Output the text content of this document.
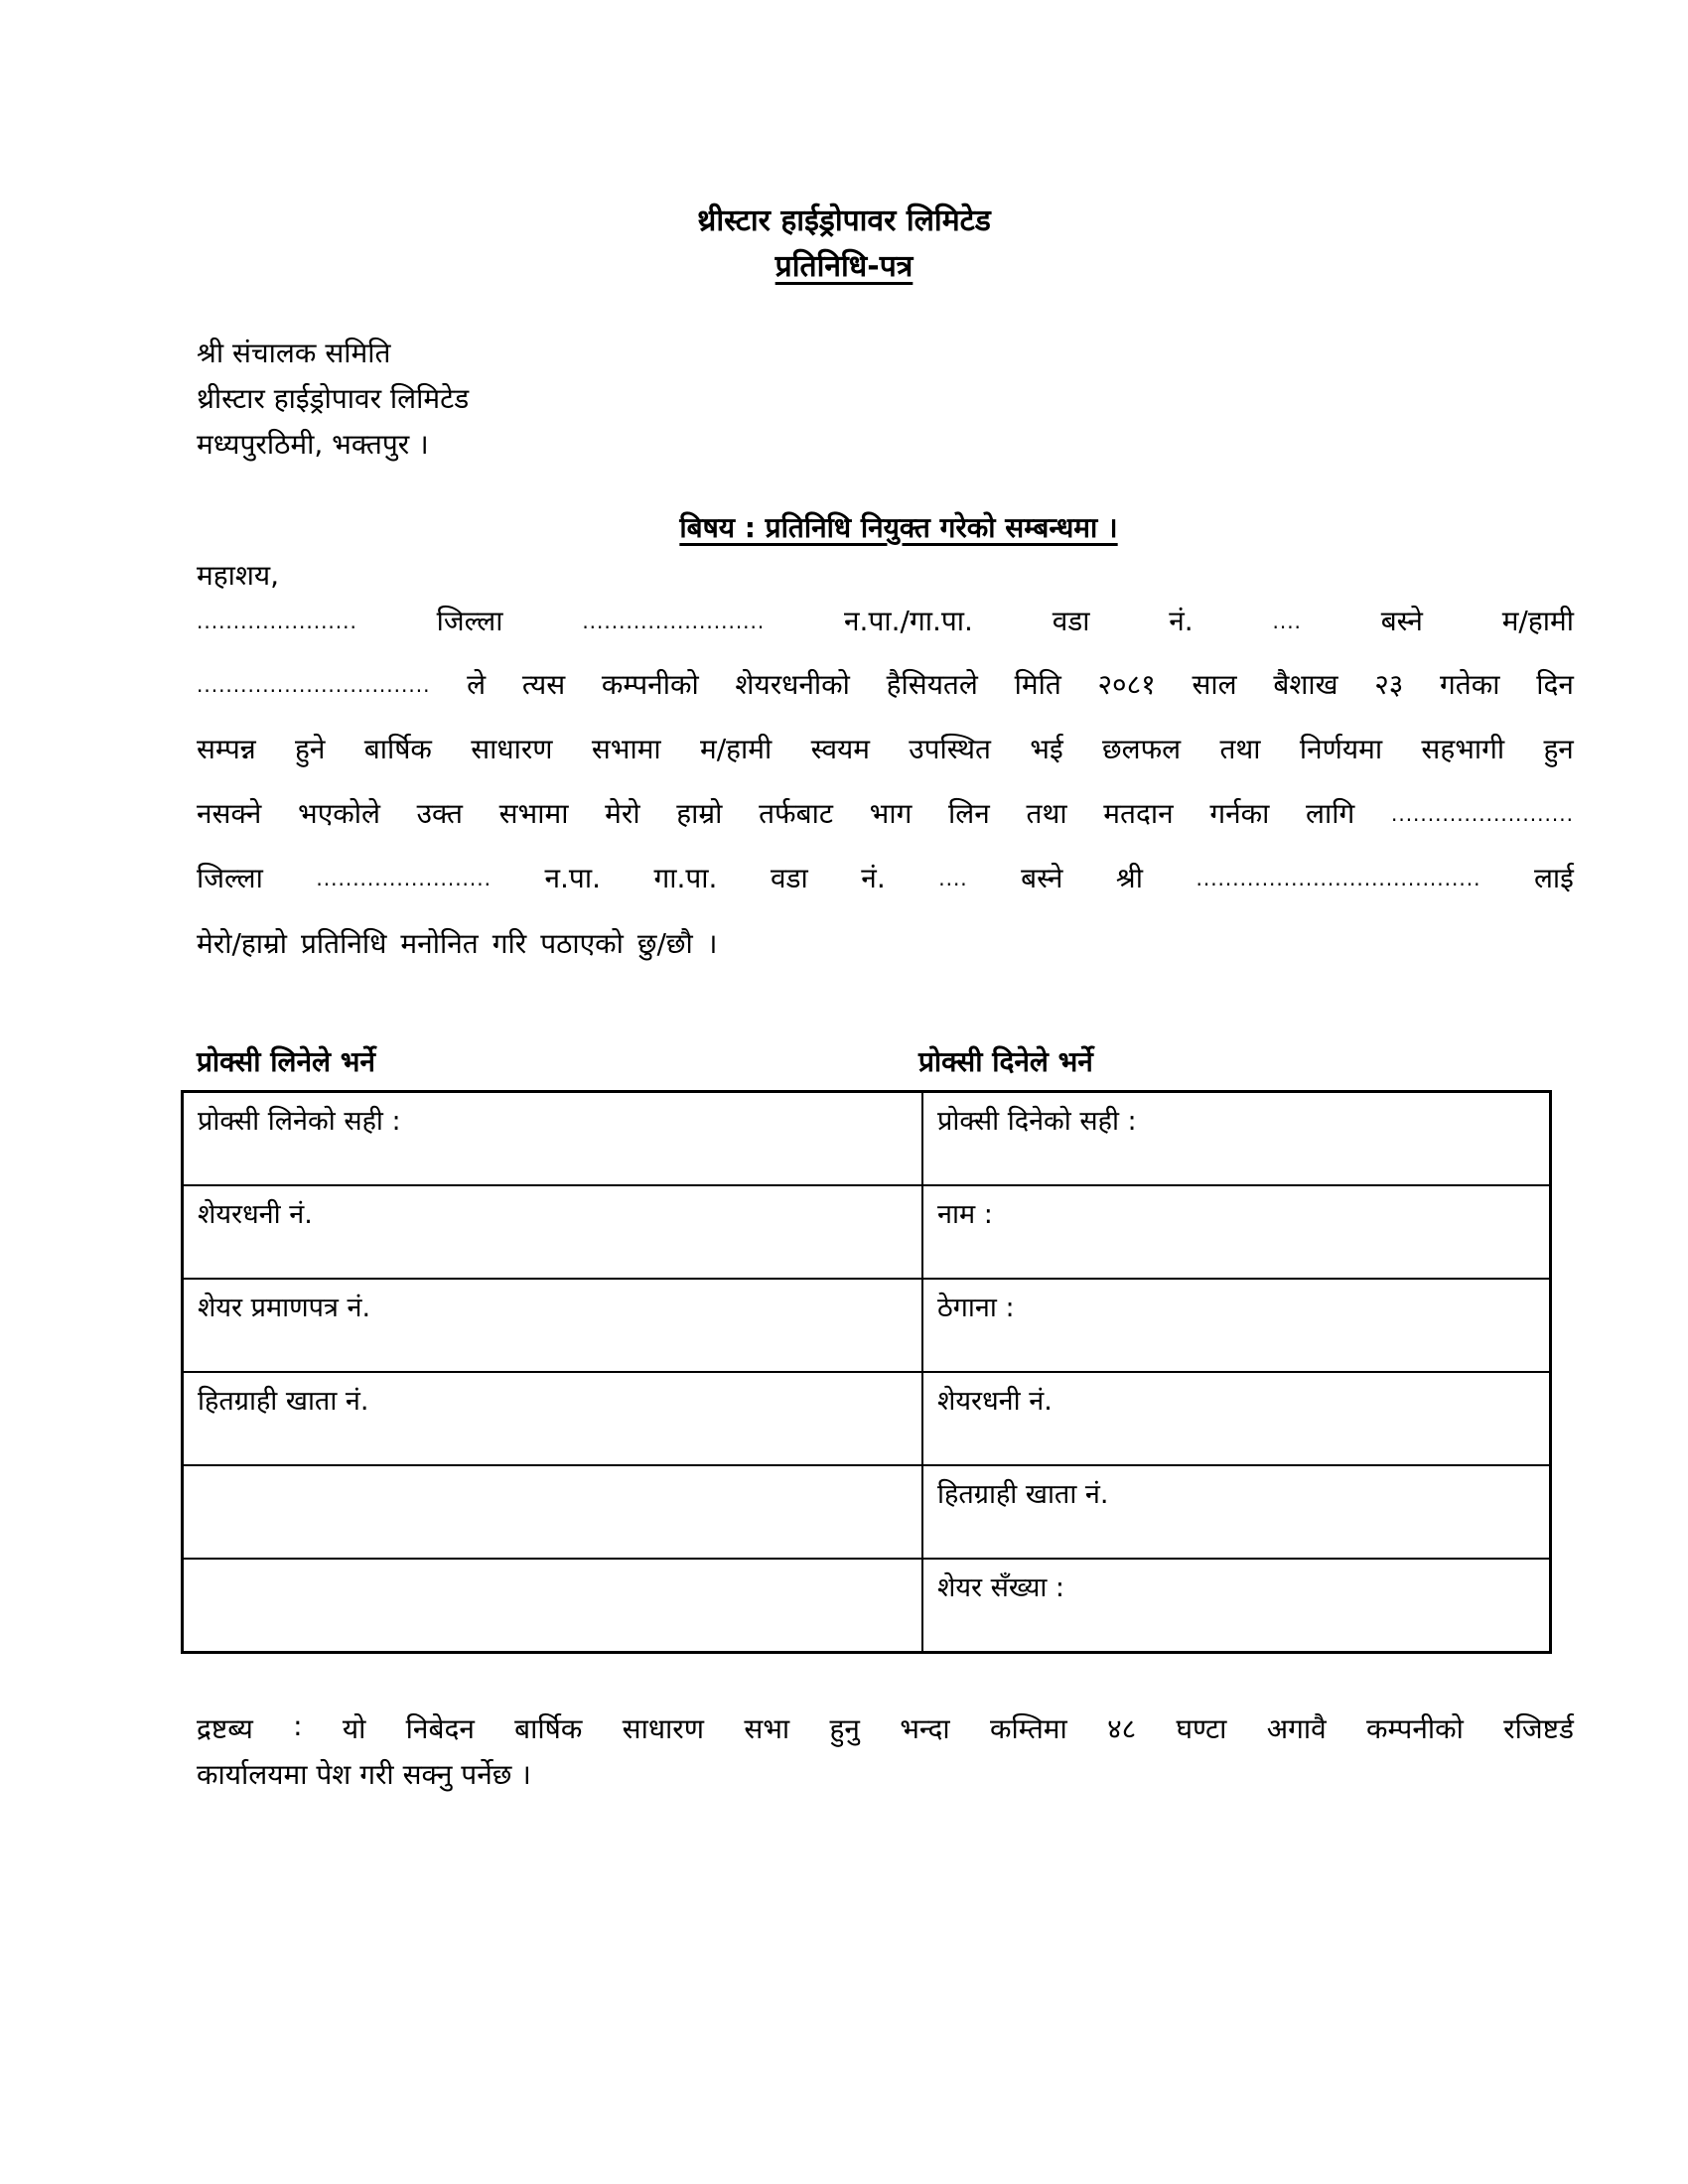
थ्रीस्टार हाईड्रोपावर लिमिटेड
प्रतिनिधि-पत्र
श्री संचालक समिति
थ्रीस्टार हाईड्रोपावर लिमिटेड
मध्यपुरठिमी, भक्तपुर ।
बिषय : प्रतिनिधि नियुक्त गरेको सम्बन्धमा ।
महाशय,
......................	जिल्ला	.........................	न.पा./गा.पा.	वडा	नं.	....	बस्ने	म/हामी
................................ ले त्यस कम्पनीको शेयरधनीको हैसियतले मिति २०८१ साल बैशाख २३ गतेका दिन
सम्पन्न हुने बार्षिक साधारण सभामा म/हामी स्वयम उपस्थित भई छलफल तथा निर्णयमा सहभागी हुन
नसक्ने भएकोले उक्त सभामा मेरो हाम्रो तर्फबाट भाग लिन तथा मतदान गर्नका लागि .........................
जिल्ला	........................ न.पा. गा.पा. वडा नं.	.... बस्ने श्री	....................................... लाई
मेरो/हाम्रो प्रतिनिधि मनोनित गरि पठाएको छु/छौ ।
प्रोक्सी लिनेले भर्ने	प्रोक्सी दिनेले भर्ने
प्रोक्सी लिनेको सही :	प्रोक्सी दिनेको सही :
शेयरधनी नं.	नाम :
शेयर प्रमाणपत्र नं.	ठेगाना :
हितग्राही खाता नं.	शेयरधनी नं.
	हितग्राही खाता नं.
	शेयर सँख्या :
द्रष्टब्य : यो निबेदन बार्षिक साधारण सभा हुनु भन्दा कम्तिमा ४८ घण्टा अगावै कम्पनीको रजिष्टर्ड
कार्यालयमा पेश गरी सक्नु पर्नेछ ।
